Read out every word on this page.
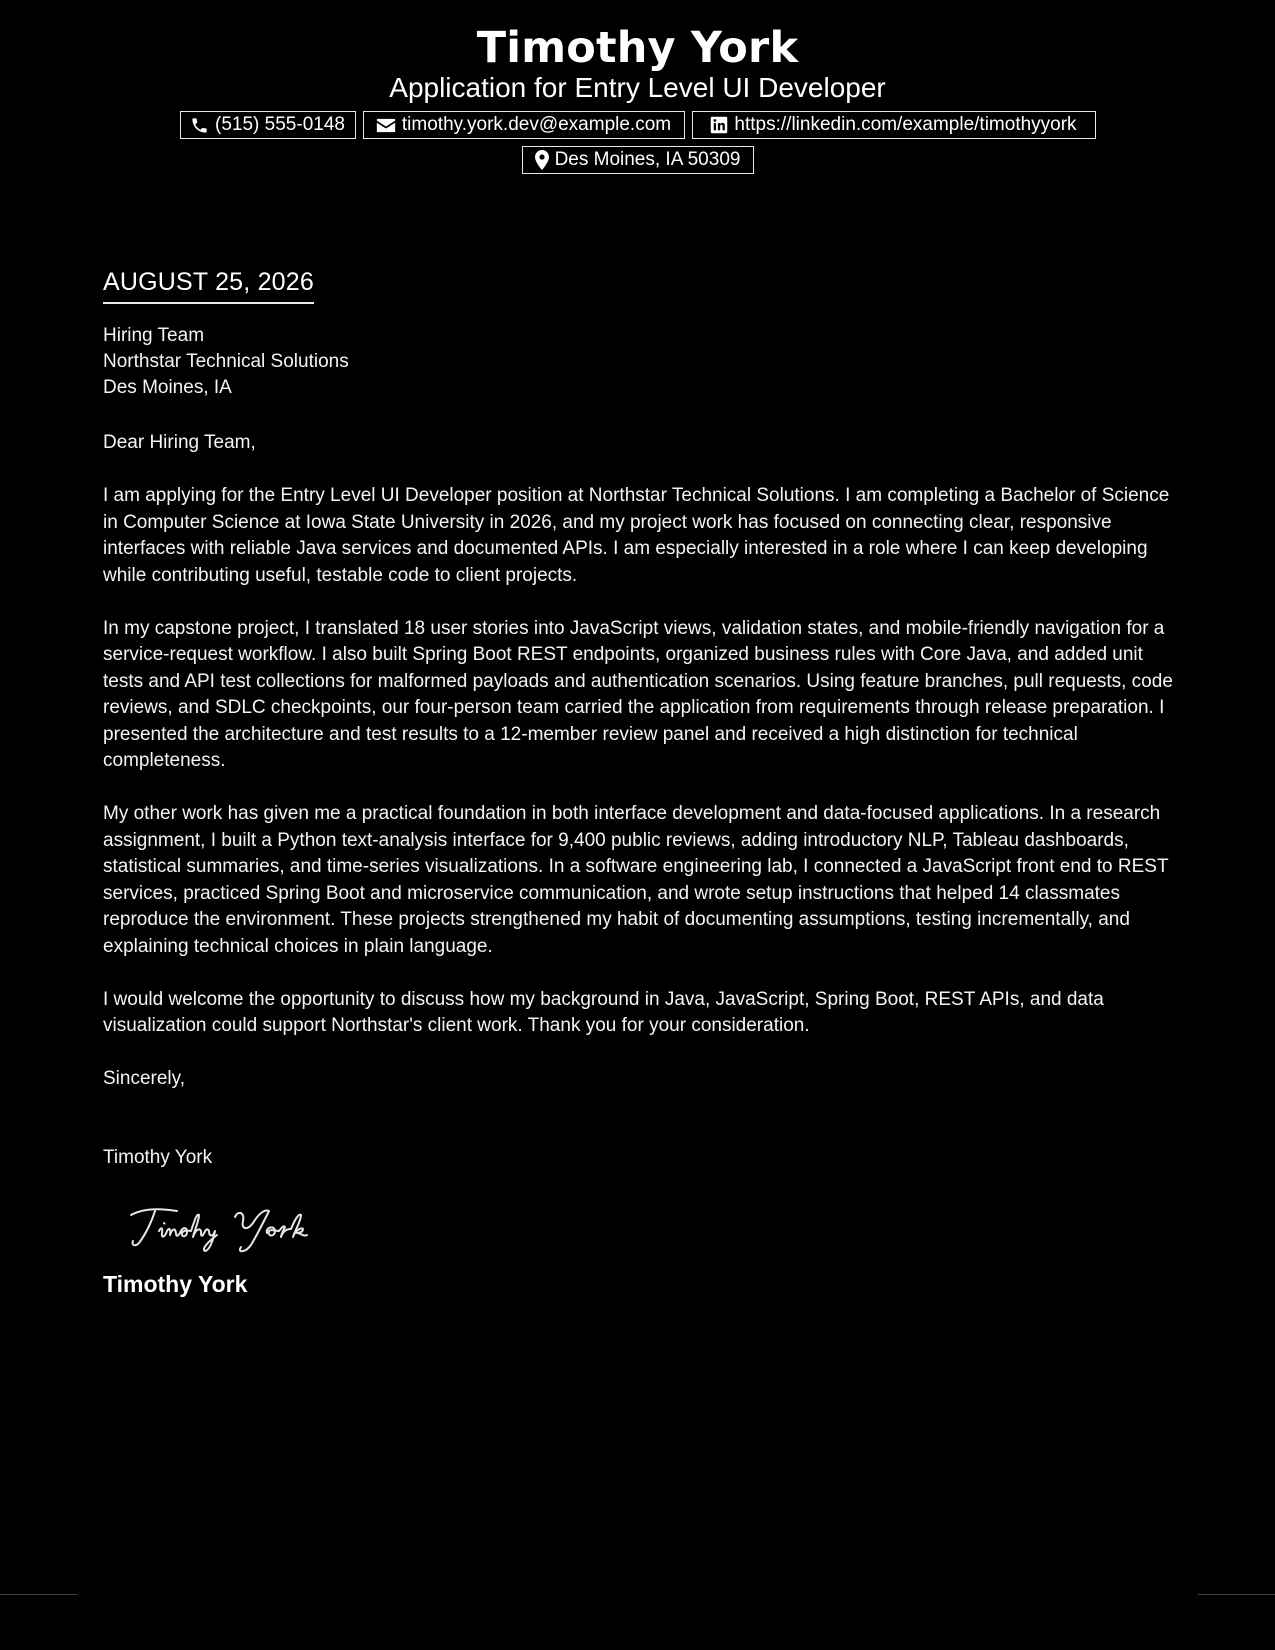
Timothy York
Application for Entry Level UI Developer
(515) 555-0148	timothy.york.dev@example.com	https://linkedin.com/example/timothyyork
Des Moines, IA 50309
AUGUST 25, 2026
Hiring Team
Northstar Technical Solutions
Des Moines, IA

Dear Hiring Team,

I am applying for the Entry Level UI Developer position at Northstar Technical Solutions. I am completing a Bachelor of Science in Computer Science at Iowa State University in 2026, and my project work has focused on connecting clear, responsive interfaces with reliable Java services and documented APIs. I am especially interested in a role where I can keep developing while contributing useful, testable code to client projects.

In my capstone project, I translated 18 user stories into JavaScript views, validation states, and mobile-friendly navigation for a service-request workflow. I also built Spring Boot REST endpoints, organized business rules with Core Java, and added unit tests and API test collections for malformed payloads and authentication scenarios. Using feature branches, pull requests, code reviews, and SDLC checkpoints, our four-person team carried the application from requirements through release preparation. I presented the architecture and test results to a 12-member review panel and received a high distinction for technical completeness.

My other work has given me a practical foundation in both interface development and data-focused applications. In a research assignment, I built a Python text-analysis interface for 9,400 public reviews, adding introductory NLP, Tableau dashboards, statistical summaries, and time-series visualizations. In a software engineering lab, I connected a JavaScript front end to REST services, practiced Spring Boot and microservice communication, and wrote setup instructions that helped 14 classmates reproduce the environment. These projects strengthened my habit of documenting assumptions, testing incrementally, and explaining technical choices in plain language.

I would welcome the opportunity to discuss how my background in Java, JavaScript, Spring Boot, REST APIs, and data visualization could support Northstar's client work. Thank you for your consideration.

Sincerely,

Timothy York

Timothy York
